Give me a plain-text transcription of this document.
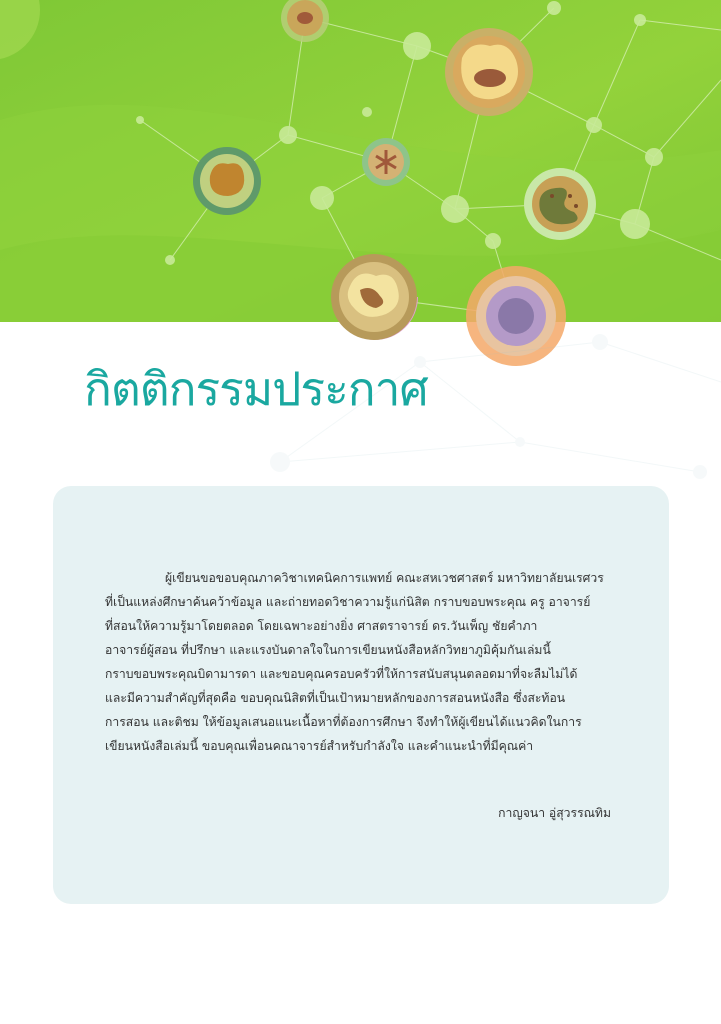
กิตติกรรมประกาศ

ผู้เขียนขอขอบคุณภาควิชาเทคนิคการแพทย์ คณะสหเวชศาสตร์ มหาวิทยาลัยนเรศวร
ที่เป็นแหล่งศึกษาค้นคว้าข้อมูล และถ่ายทอดวิชาความรู้แก่นิสิต กราบขอบพระคุณ ครู อาจารย์
ที่สอนให้ความรู้มาโดยตลอด โดยเฉพาะอย่างยิ่ง ศาสตราจารย์ ดร.วันเพ็ญ ชัยคำภา
อาจารย์ผู้สอน ที่ปรึกษา และแรงบันดาลใจในการเขียนหนังสือหลักวิทยาภูมิคุ้มกันเล่มนี้
กราบขอบพระคุณบิดามารดา และขอบคุณครอบครัวที่ให้การสนับสนุนตลอดมาที่จะลืมไม่ได้
และมีความสำคัญที่สุดคือ ขอบคุณนิสิตที่เป็นเป้าหมายหลักของการสอนหนังสือ ซึ่งสะท้อน
การสอน และติชม ให้ข้อมูลเสนอแนะเนื้อหาที่ต้องการศึกษา จึงทำให้ผู้เขียนได้แนวคิดในการ
เขียนหนังสือเล่มนี้ ขอบคุณเพื่อนคณาจารย์สำหรับกำลังใจ และคำแนะนำที่มีคุณค่า

กาญจนา อู่สุวรรณทิม
